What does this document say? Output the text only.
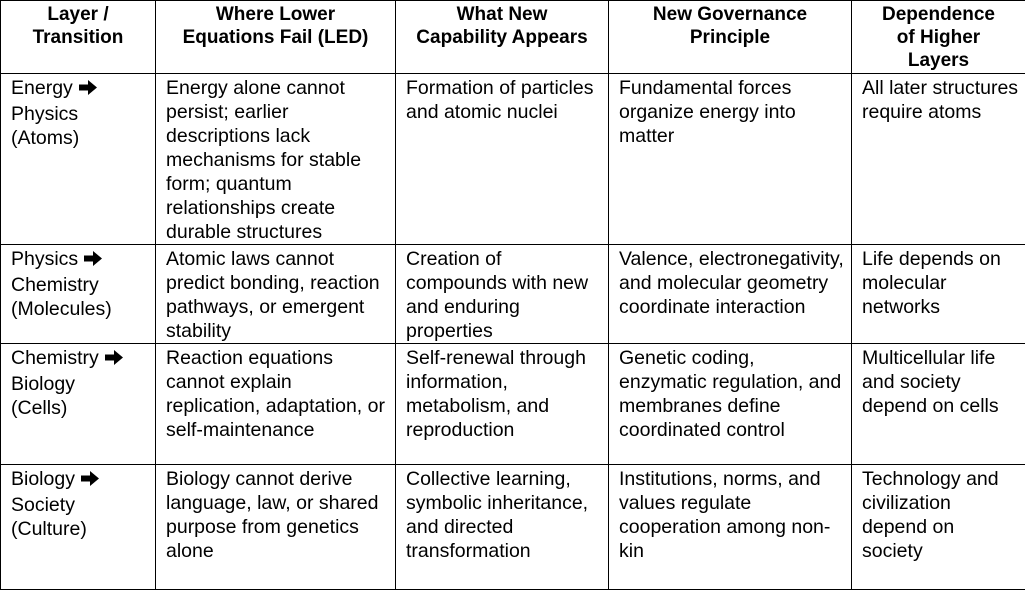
Layer /
Transition	Where Lower
Equations Fail (LED)	What New
Capability Appears	New Governance
Principle	Dependence
of Higher
Layers

Energy
Physics
(Atoms)	Energy alone cannot persist; earlier descriptions lack mechanisms for stable form; quantum relationships create durable structures	Formation of particles and atomic nuclei	Fundamental forces organize energy into matter	All later structures require atoms
Physics
Chemistry
(Molecules)	Atomic laws cannot predict bonding, reaction pathways, or emergent stability	Creation of compounds with new and enduring properties	Valence, electronegativity, and molecular geometry coordinate interaction	Life depends on molecular networks
Chemistry
Biology
(Cells)	Reaction equations cannot explain replication, adaptation, or self-maintenance	Self-renewal through information, metabolism, and reproduction	Genetic coding, enzymatic regulation, and membranes define coordinated control	Multicellular life and society depend on cells
Biology
Society
(Culture)	Biology cannot derive language, law, or shared purpose from genetics alone	Collective learning, symbolic inheritance, and directed transformation	Institutions, norms, and values regulate cooperation among non-kin	Technology and civilization depend on society
